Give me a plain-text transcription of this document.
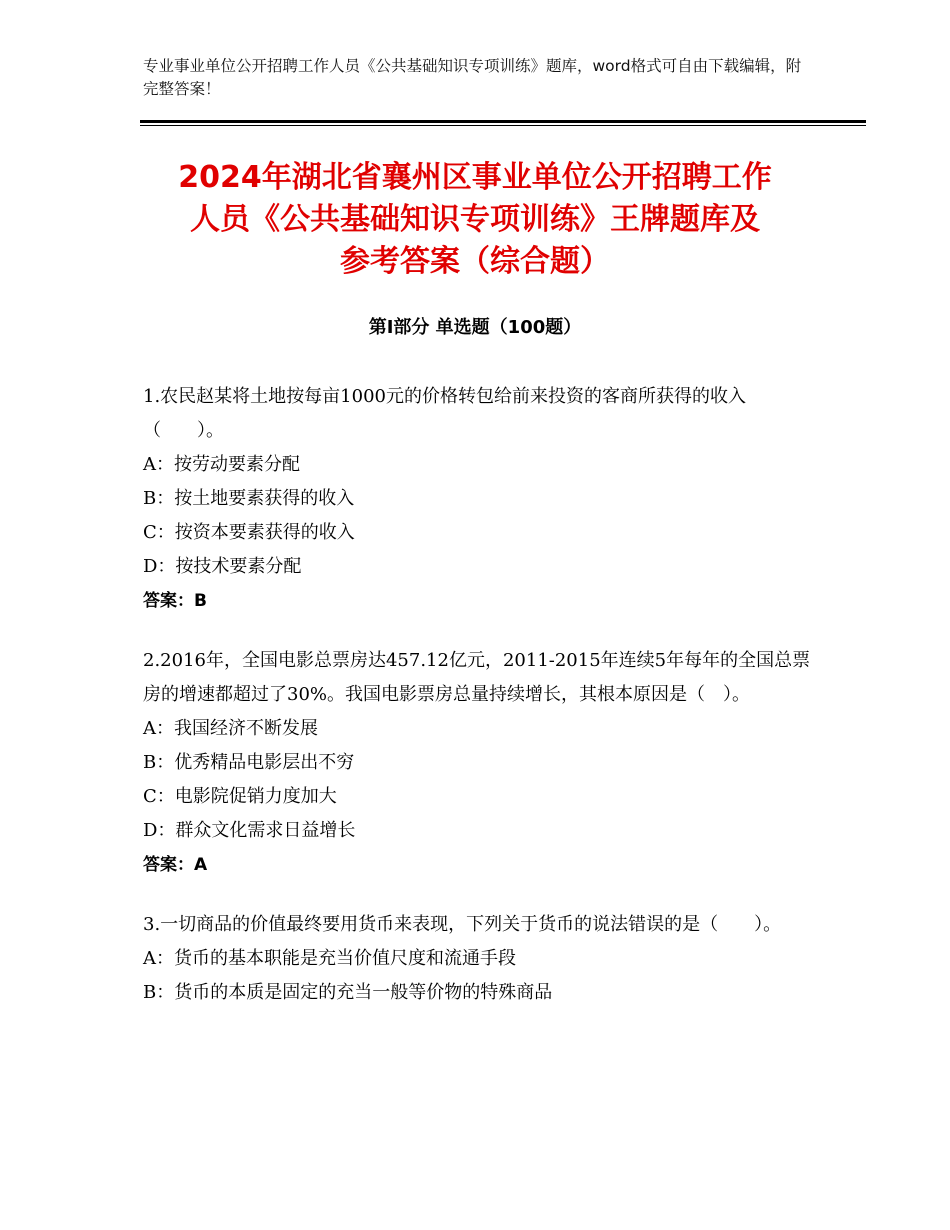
专业事业单位公开招聘工作人员《公共基础知识专项训练》题库，word格式可自由下载编辑，附完整答案！
2024年湖北省襄州区事业单位公开招聘工作
人员《公共基础知识专项训练》王牌题库及
参考答案（综合题）
第Ⅰ部分 单选题（100题）
1.农民赵某将土地按每亩1000元的价格转包给前来投资的客商所获得的收入（　　）。
A：按劳动要素分配
B：按土地要素获得的收入
C：按资本要素获得的收入
D：按技术要素分配
答案：B
2.2016年，全国电影总票房达457.12亿元，2011-2015年连续5年每年的全国总票房的增速都超过了30%。我国电影票房总量持续增长，其根本原因是（　）。
A：我国经济不断发展
B：优秀精品电影层出不穷
C：电影院促销力度加大
D：群众文化需求日益增长
答案：A
3.一切商品的价值最终要用货币来表现，下列关于货币的说法错误的是（　　）。
A：货币的基本职能是充当价值尺度和流通手段
B：货币的本质是固定的充当一般等价物的特殊商品
